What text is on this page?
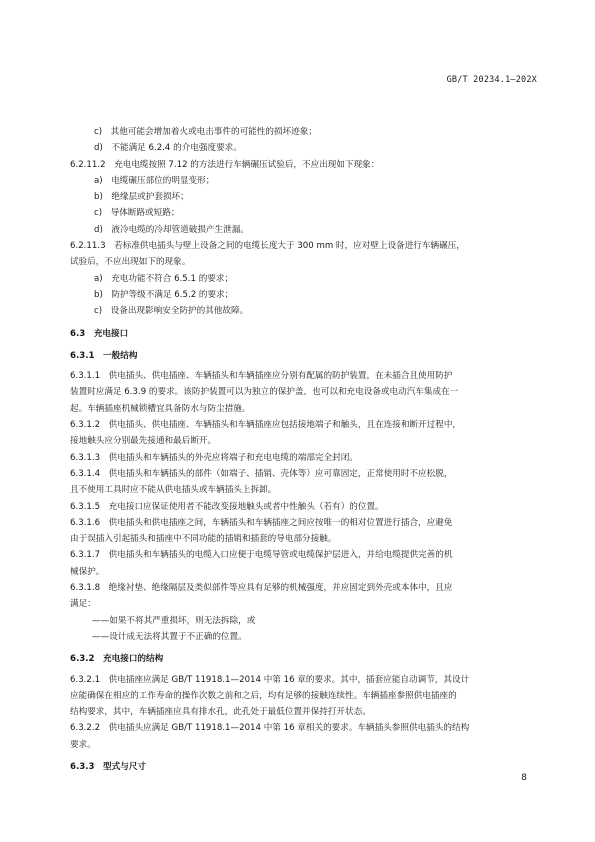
GB/T 20234.1—202X
c)　其他可能会增加着火或电击事件的可能性的损坏迹象；
d)　不能满足 6.2.4 的介电强度要求。
6.2.11.2　充电电缆按照 7.12 的方法进行车辆碾压试验后，不应出现如下现象：
a)　电缆碾压部位的明显变形；
b)　绝缘层或护套损坏；
c)　导体断路或短路；
d)　液冷电缆的冷却管道破损产生泄漏。
6.2.11.3　若标准供电插头与壁上设备之间的电缆长度大于 300 mm 时，应对壁上设备进行车辆碾压，
试验后，不应出现如下的现象。
a)　充电功能不符合 6.5.1 的要求；
b)　防护等级不满足 6.5.2 的要求；
c)　设备出现影响安全防护的其他故障。
6.3　充电接口
6.3.1　一般结构
6.3.1.1　供电插头、供电插座、车辆插头和车辆插座应分别有配属的防护装置，在未插合且使用防护
装置时应满足 6.3.9 的要求。该防护装置可以为独立的保护盖，也可以和充电设备或电动汽车集成在一
起。车辆插座机械锁槽宜具备防水与防尘措施。
6.3.1.2　供电插头、供电插座、车辆插头和车辆插座应包括接地端子和触头，且在连接和断开过程中，
接地触头应分别最先接通和最后断开。
6.3.1.3　供电插头和车辆插头的外壳应将端子和充电电缆的端部完全封闭。
6.3.1.4　供电插头和车辆插头的部件（如端子、插销、壳体等）应可靠固定，正常使用时不应松脱，
且不使用工具时应不能从供电插头或车辆插头上拆卸。
6.3.1.5　充电接口应保证使用者不能改变接地触头或者中性触头（若有）的位置。
6.3.1.6　供电插头和供电插座之间，车辆插头和车辆插座之间应按唯一的相对位置进行插合，应避免
由于误插入引起插头和插座中不同功能的插销和插套的导电部分接触。
6.3.1.7　供电插头和车辆插头的电缆入口应便于电缆导管或电缆保护层进入，并给电缆提供完善的机
械保护。
6.3.1.8　绝缘衬垫、绝缘隔层及类似部件等应具有足够的机械强度，并应固定到外壳或本体中，且应
满足：
——如果不将其严重损坏，则无法拆除，或
——设计成无法将其置于不正确的位置。
6.3.2　充电接口的结构
6.3.2.1　供电插座应满足 GB/T 11918.1—2014 中第 16 章的要求。其中，插套应能自动调节，其设计
应能确保在相应的工作寿命的操作次数之前和之后，均有足够的接触连续性。车辆插座参照供电插座的
结构要求，其中，车辆插座应具有排水孔，此孔处于最低位置并保持打开状态。
6.3.2.2　供电插头应满足 GB/T 11918.1—2014 中第 16 章相关的要求。车辆插头参照供电插头的结构
要求。
6.3.3　型式与尺寸
8
